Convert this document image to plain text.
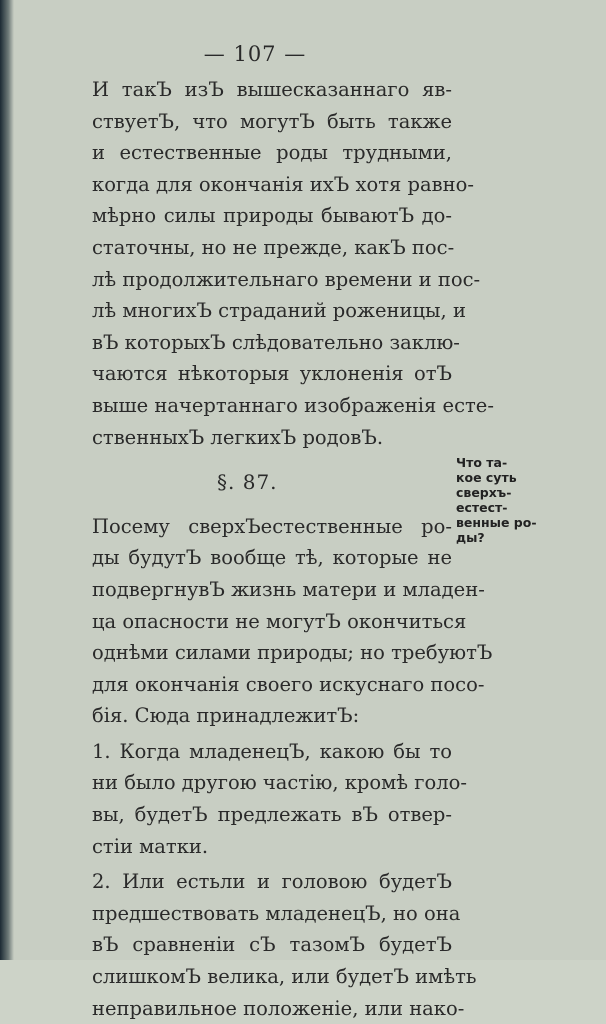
— 107 —

И такЪ изЪ вышесказаннаго яв-
ствуетЪ, что могутЪ быть также
и естественные роды трудными,
когда для окончанія ихЪ хотя равно-
мѣрно силы природы бываютЪ до-
статочны, но не прежде, какЪ пос-
лѣ продолжительнаго времени и пос-
лѣ многихЪ страданий роженицы, и
вЪ которыхЪ слѣдовательно заклю-
чаются нѣкоторыя уклоненія отЪ
выше начертаннаго изображенія есте-
ственныхЪ легкихЪ родовЪ.

§. 87.

Посему сверхЪестественные ро-
ды будутЪ вообще тѣ, которые не
подвергнувЪ жизнь матери и младен-
ца опасности не могутЪ окончиться
однѣми силами природы; но требуютЪ
для окончанія своего искуснаго посо-
бія. Сюда принадлежитЪ:

1. Когда младенецЪ, какою бы то
ни было другою частію, кромѣ голо-
вы, будетЪ предлежать вЪ отвер-
стіи матки.

2. Или естьли и головою будетЪ
предшествовать младенецЪ, но она
вЪ сравненіи сЪ тазомЪ будетЪ
слишкомЪ велика, или будетЪ имѣть
неправильное положеніе, или нако-

Что та-
кое суть
сверхъ-
естест-
венные ро-
ды?
